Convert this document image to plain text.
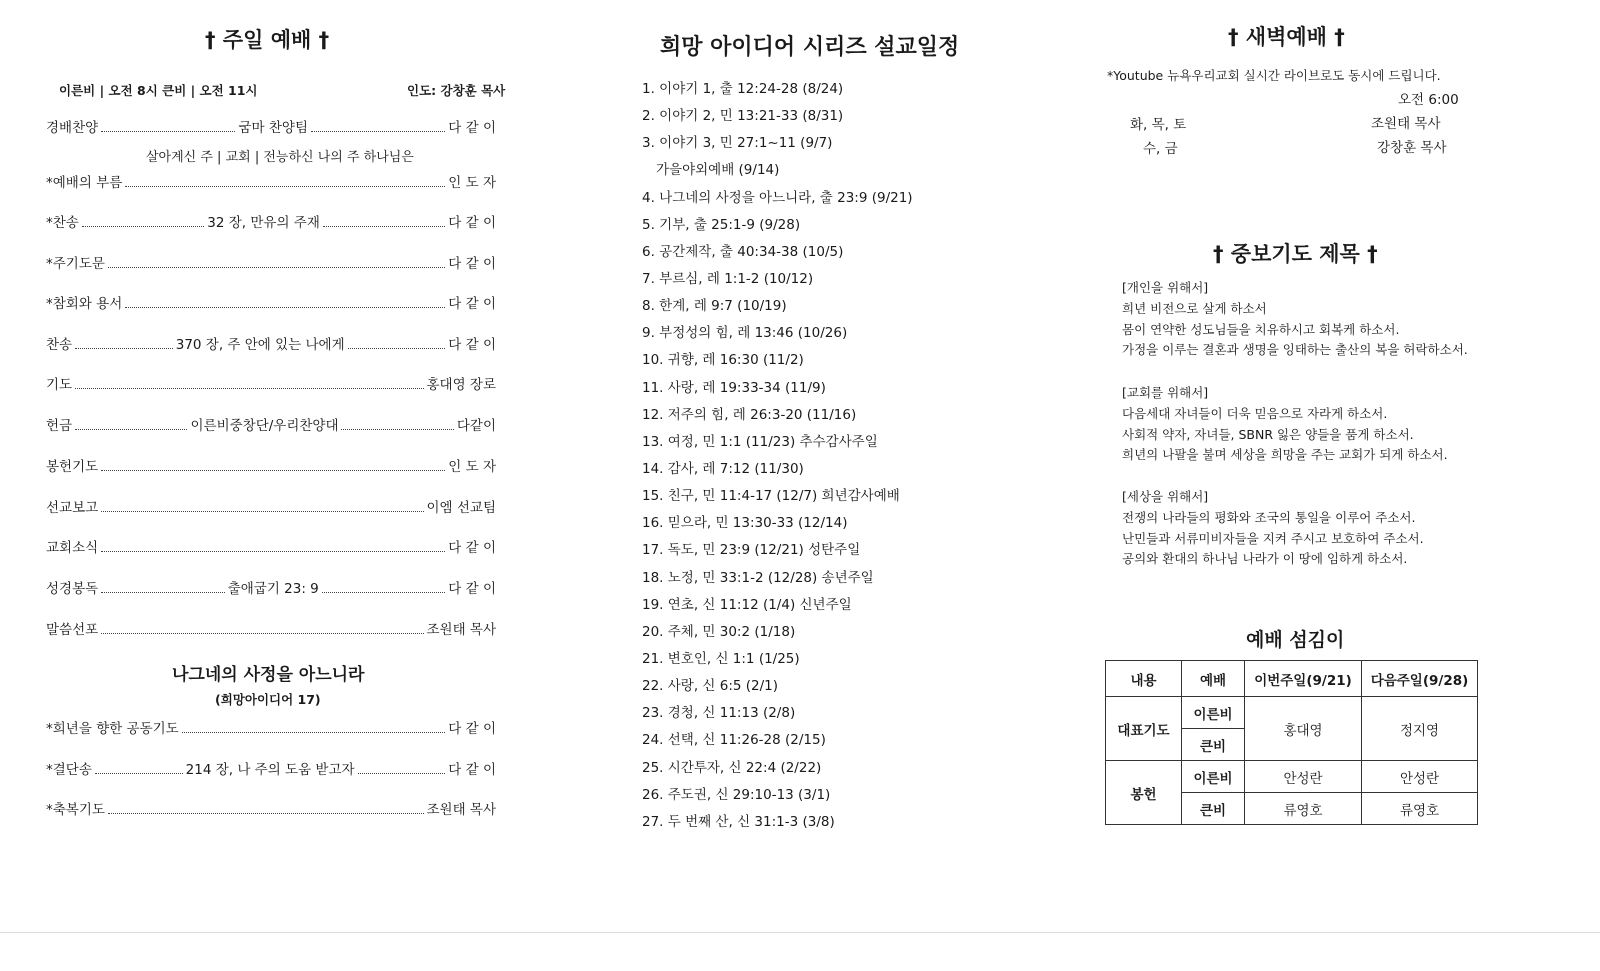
† 주일 예배 †
이른비 | 오전 8시 큰비 | 오전 11시	인도: 강창훈 목사
경배찬양	굼마 찬양팀	다 같 이
*예배의 부름	인 도 자
*찬송	32 장, 만유의 주재	다 같 이
*주기도문	다 같 이
*참회와 용서	다 같 이
찬송	370 장, 주 안에 있는 나에게	다 같 이
기도	홍대영 장로
헌금	이른비중창단/우리찬양대	다같이
봉헌기도	인 도 자
선교보고	이엠 선교팀
교회소식	다 같 이
성경봉독	출애굽기 23: 9	다 같 이
말씀선포	조원태 목사
살아계신 주 | 교회 | 전능하신 나의 주 하나님은
나그네의 사정을 아느니라
(희망아이디어 17)
*희년을 향한 공동기도	다 같 이
*결단송	214 장, 나 주의 도움 받고자	다 같 이
*축복기도	조원태 목사
희망 아이디어 시리즈 설교일정
1. 이야기 1, 출 12:24-28 (8/24)
2. 이야기 2, 민 13:21-33 (8/31)
3. 이야기 3, 민 27:1~11 (9/7)
가을야외예배 (9/14)
4. 나그네의 사정을 아느니라, 출 23:9 (9/21)
5. 기부, 출 25:1-9 (9/28)
6. 공간제작, 출 40:34-38 (10/5)
7. 부르심, 레 1:1-2 (10/12)
8. 한계, 레 9:7 (10/19)
9. 부정성의 힘, 레 13:46 (10/26)
10. 귀향, 레 16:30 (11/2)
11. 사랑, 레 19:33-34 (11/9)
12. 저주의 힘, 레 26:3-20 (11/16)
13. 여정, 민 1:1 (11/23) 추수감사주일
14. 감사, 레 7:12 (11/30)
15. 친구, 민 11:4-17 (12/7) 희년감사예배
16. 믿으라, 민 13:30-33 (12/14)
17. 독도, 민 23:9 (12/21) 성탄주일
18. 노정, 민 33:1-2 (12/28) 송년주일
19. 연초, 신 11:12 (1/4) 신년주일
20. 주체, 민 30:2 (1/18)
21. 변호인, 신 1:1 (1/25)
22. 사랑, 신 6:5 (2/1)
23. 경청, 신 11:13 (2/8)
24. 선택, 신 11:26-28 (2/15)
25. 시간투자, 신 22:4 (2/22)
26. 주도권, 신 29:10-13 (3/1)
27. 두 번째 산, 신 31:1-3 (3/8)
† 새벽예배 †
*Youtube 뉴욕우리교회 실시간 라이브로도 동시에 드립니다.
오전 6:00
화, 목, 토	조원태 목사
수, 금	강창훈 목사
† 중보기도 제목 †
[개인을 위해서]
희년 비전으로 살게 하소서
몸이 연약한 성도님들을 치유하시고 회복케 하소서.
가정을 이루는 결혼과 생명을 잉태하는 출산의 복을 허락하소서.
[교회를 위해서]
다음세대 자녀들이 더욱 믿음으로 자라게 하소서.
사회적 약자, 자녀들, SBNR 잃은 양들을 품게 하소서.
희년의 나팔을 불며 세상을 희망을 주는 교회가 되게 하소서.
[세상을 위해서]
전쟁의 나라들의 평화와 조국의 통일을 이루어 주소서.
난민들과 서류미비자들을 지켜 주시고 보호하여 주소서.
공의와 환대의 하나님 나라가 이 땅에 임하게 하소서.
예배 섬김이
내용	예배	이번주일(9/21)	다음주일(9/28)
대표기도	이른비	홍대영	정지영
	큰비		
봉헌	이른비	안성란	안성란
	큰비	류영호	류영호
